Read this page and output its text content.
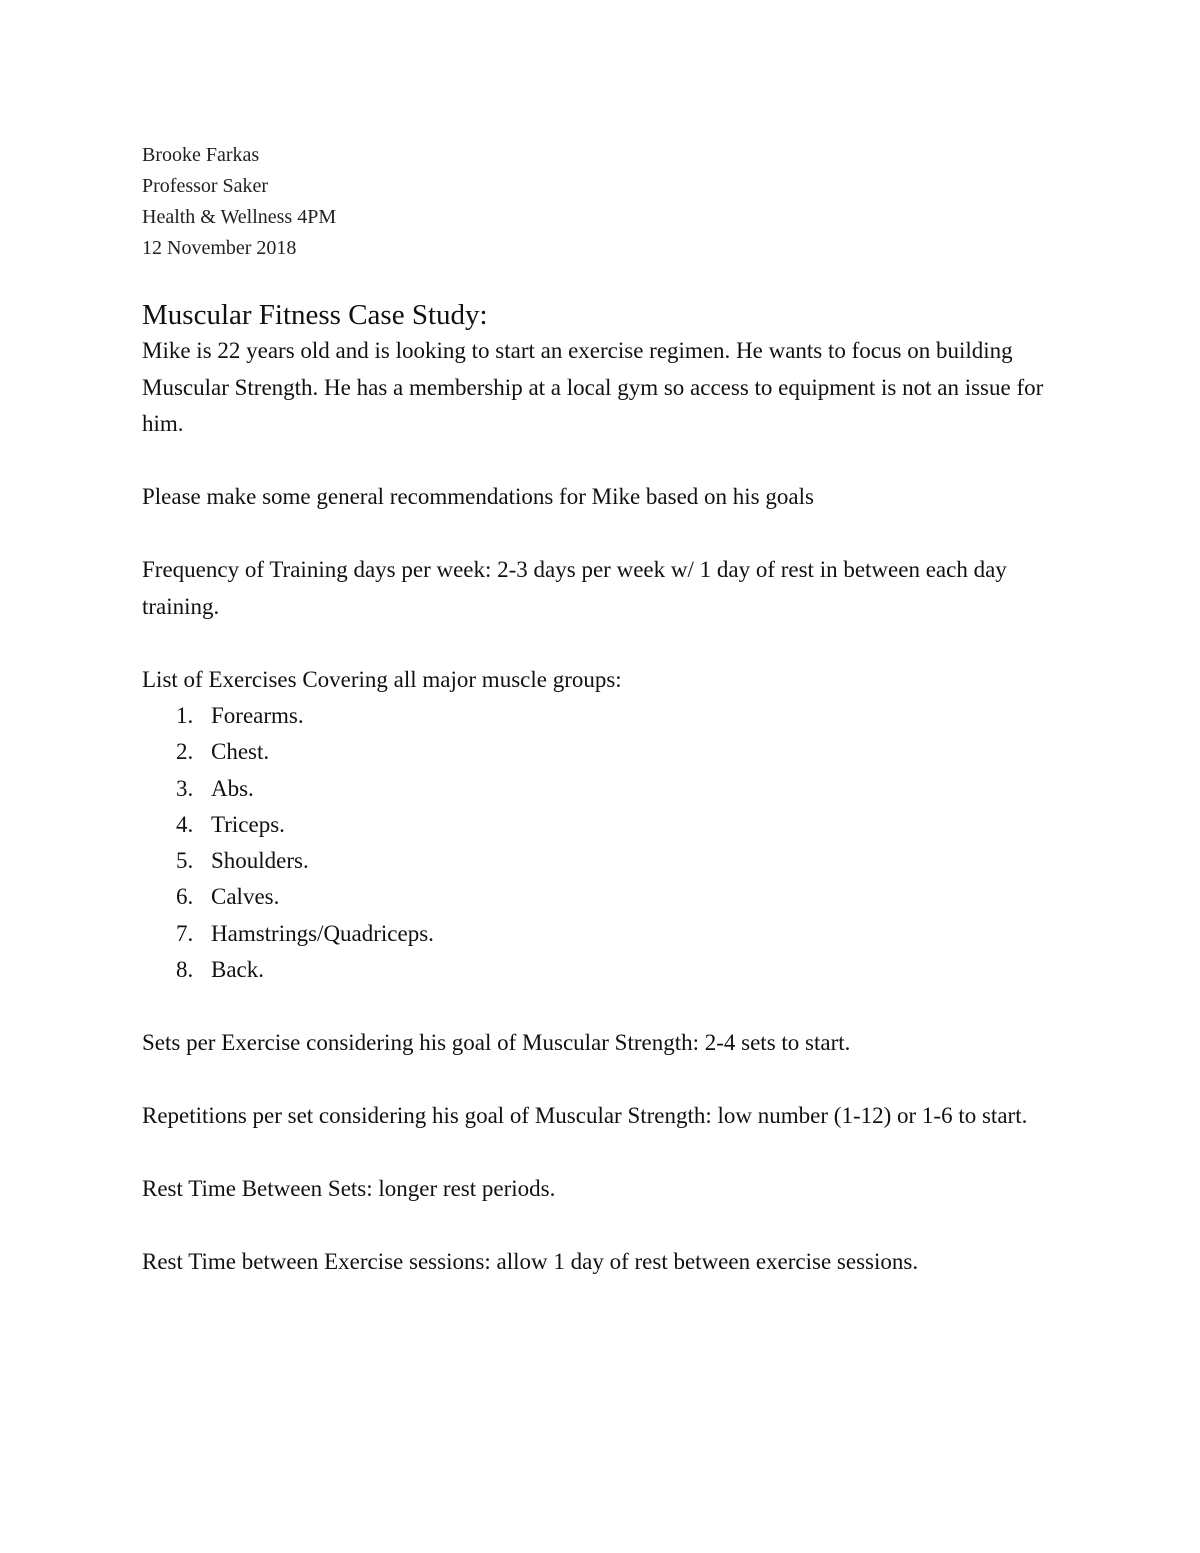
Brooke Farkas
Professor Saker
Health & Wellness 4PM
12 November 2018
Muscular Fitness Case Study:

Mike is 22 years old and is looking to start an exercise regimen. He wants to focus on building Muscular Strength. He has a membership at a local gym so access to equipment is not an issue for him.

Please make some general recommendations for Mike based on his goals

Frequency of Training days per week: 2-3 days per week w/ 1 day of rest in between each day training.

List of Exercises Covering all major muscle groups:

1. Forearms.
2. Chest.
3. Abs.
4. Triceps.
5. Shoulders.
6. Calves.
7. Hamstrings/Quadriceps.
8. Back.

Sets per Exercise considering his goal of Muscular Strength: 2-4 sets to start.

Repetitions per set considering his goal of Muscular Strength: low number (1-12) or 1-6 to start.

Rest Time Between Sets: longer rest periods.

Rest Time between Exercise sessions: allow 1 day of rest between exercise sessions.
